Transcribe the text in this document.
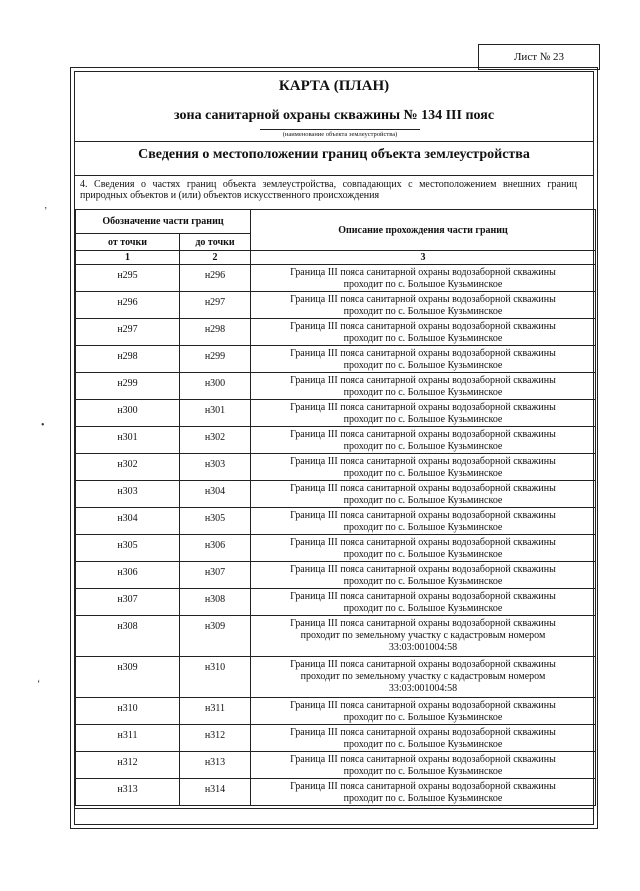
’
•
‘
Лист № 23
КАРТА (ПЛАН)
зона санитарной охраны скважины № 134 III пояс
(наименование объекта землеустройства)
Сведения о местоположении границ объекта землеустройства
4. Сведения о частях границ объекта землеустройства, совпадающих с местоположением внешних границ природных объектов и (или) объектов искусственного происхождения
Обозначение части границ		Описание прохождения части границ
от точки	до точки	
1	2	3
н295	н296	Граница III пояса санитарной охраны водозаборной скважины
проходит по с. Большое Кузьминское

н296	н297	Граница III пояса санитарной охраны водозаборной скважины
проходит по с. Большое Кузьминское

н297	н298	Граница III пояса санитарной охраны водозаборной скважины
проходит по с. Большое Кузьминское

н298	н299	Граница III пояса санитарной охраны водозаборной скважины
проходит по с. Большое Кузьминское

н299	н300	Граница III пояса санитарной охраны водозаборной скважины
проходит по с. Большое Кузьминское

н300	н301	Граница III пояса санитарной охраны водозаборной скважины
проходит по с. Большое Кузьминское

н301	н302	Граница III пояса санитарной охраны водозаборной скважины
проходит по с. Большое Кузьминское

н302	н303	Граница III пояса санитарной охраны водозаборной скважины
проходит по с. Большое Кузьминское

н303	н304	Граница III пояса санитарной охраны водозаборной скважины
проходит по с. Большое Кузьминское

н304	н305	Граница III пояса санитарной охраны водозаборной скважины
проходит по с. Большое Кузьминское

н305	н306	Граница III пояса санитарной охраны водозаборной скважины
проходит по с. Большое Кузьминское

н306	н307	Граница III пояса санитарной охраны водозаборной скважины
проходит по с. Большое Кузьминское

н307	н308	Граница III пояса санитарной охраны водозаборной скважины
проходит по с. Большое Кузьминское

н308	н309	Граница III пояса санитарной охраны водозаборной скважины
проходит по земельному участку с кадастровым номером
33:03:001004:58

н309	н310	Граница III пояса санитарной охраны водозаборной скважины
проходит по земельному участку с кадастровым номером
33:03:001004:58

н310	н311	Граница III пояса санитарной охраны водозаборной скважины
проходит по с. Большое Кузьминское

н311	н312	Граница III пояса санитарной охраны водозаборной скважины
проходит по с. Большое Кузьминское

н312	н313	Граница III пояса санитарной охраны водозаборной скважины
проходит по с. Большое Кузьминское

н313	н314	Граница III пояса санитарной охраны водозаборной скважины
проходит по с. Большое Кузьминское
